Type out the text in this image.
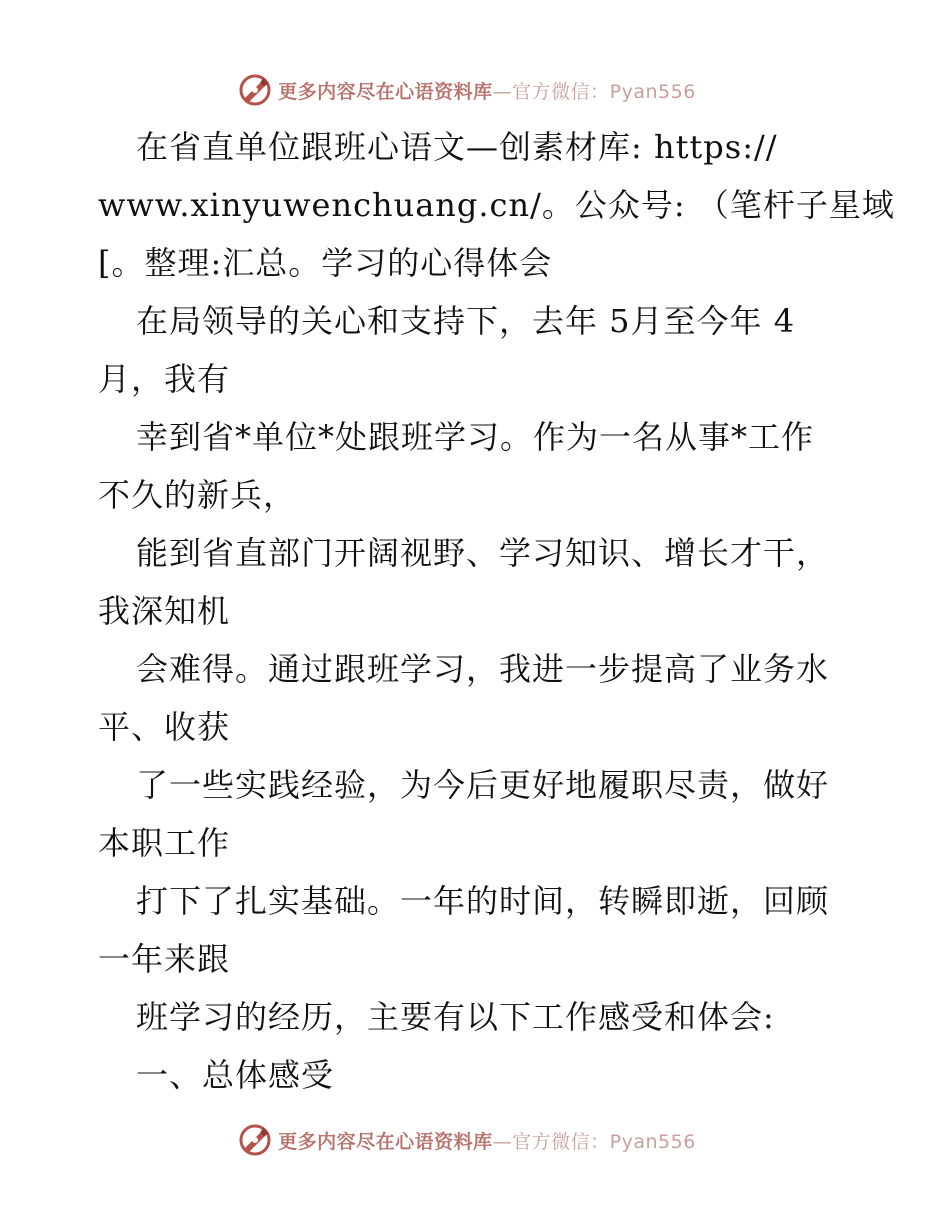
更多内容尽在心语资料库—官方微信：Pyan556
在省直单位跟班心语文—创素材库: https://
www.xinyuwenchuang.cn/。公众号: （笔杆子星域
[。整理:汇总。学习的心得体会
在局领导的关心和支持下，去年 5月至今年 4
月，我有
幸到省*单位*处跟班学习。作为一名从事*工作
不久的新兵，
能到省直部门开阔视野、学习知识、增长才干，
我深知机
会难得。通过跟班学习，我进一步提高了业务水
平、收获
了一些实践经验，为今后更好地履职尽责，做好
本职工作
打下了扎实基础。一年的时间，转瞬即逝，回顾
一年来跟
班学习的经历，主要有以下工作感受和体会:
一、总体感受
更多内容尽在心语资料库—官方微信：Pyan556
